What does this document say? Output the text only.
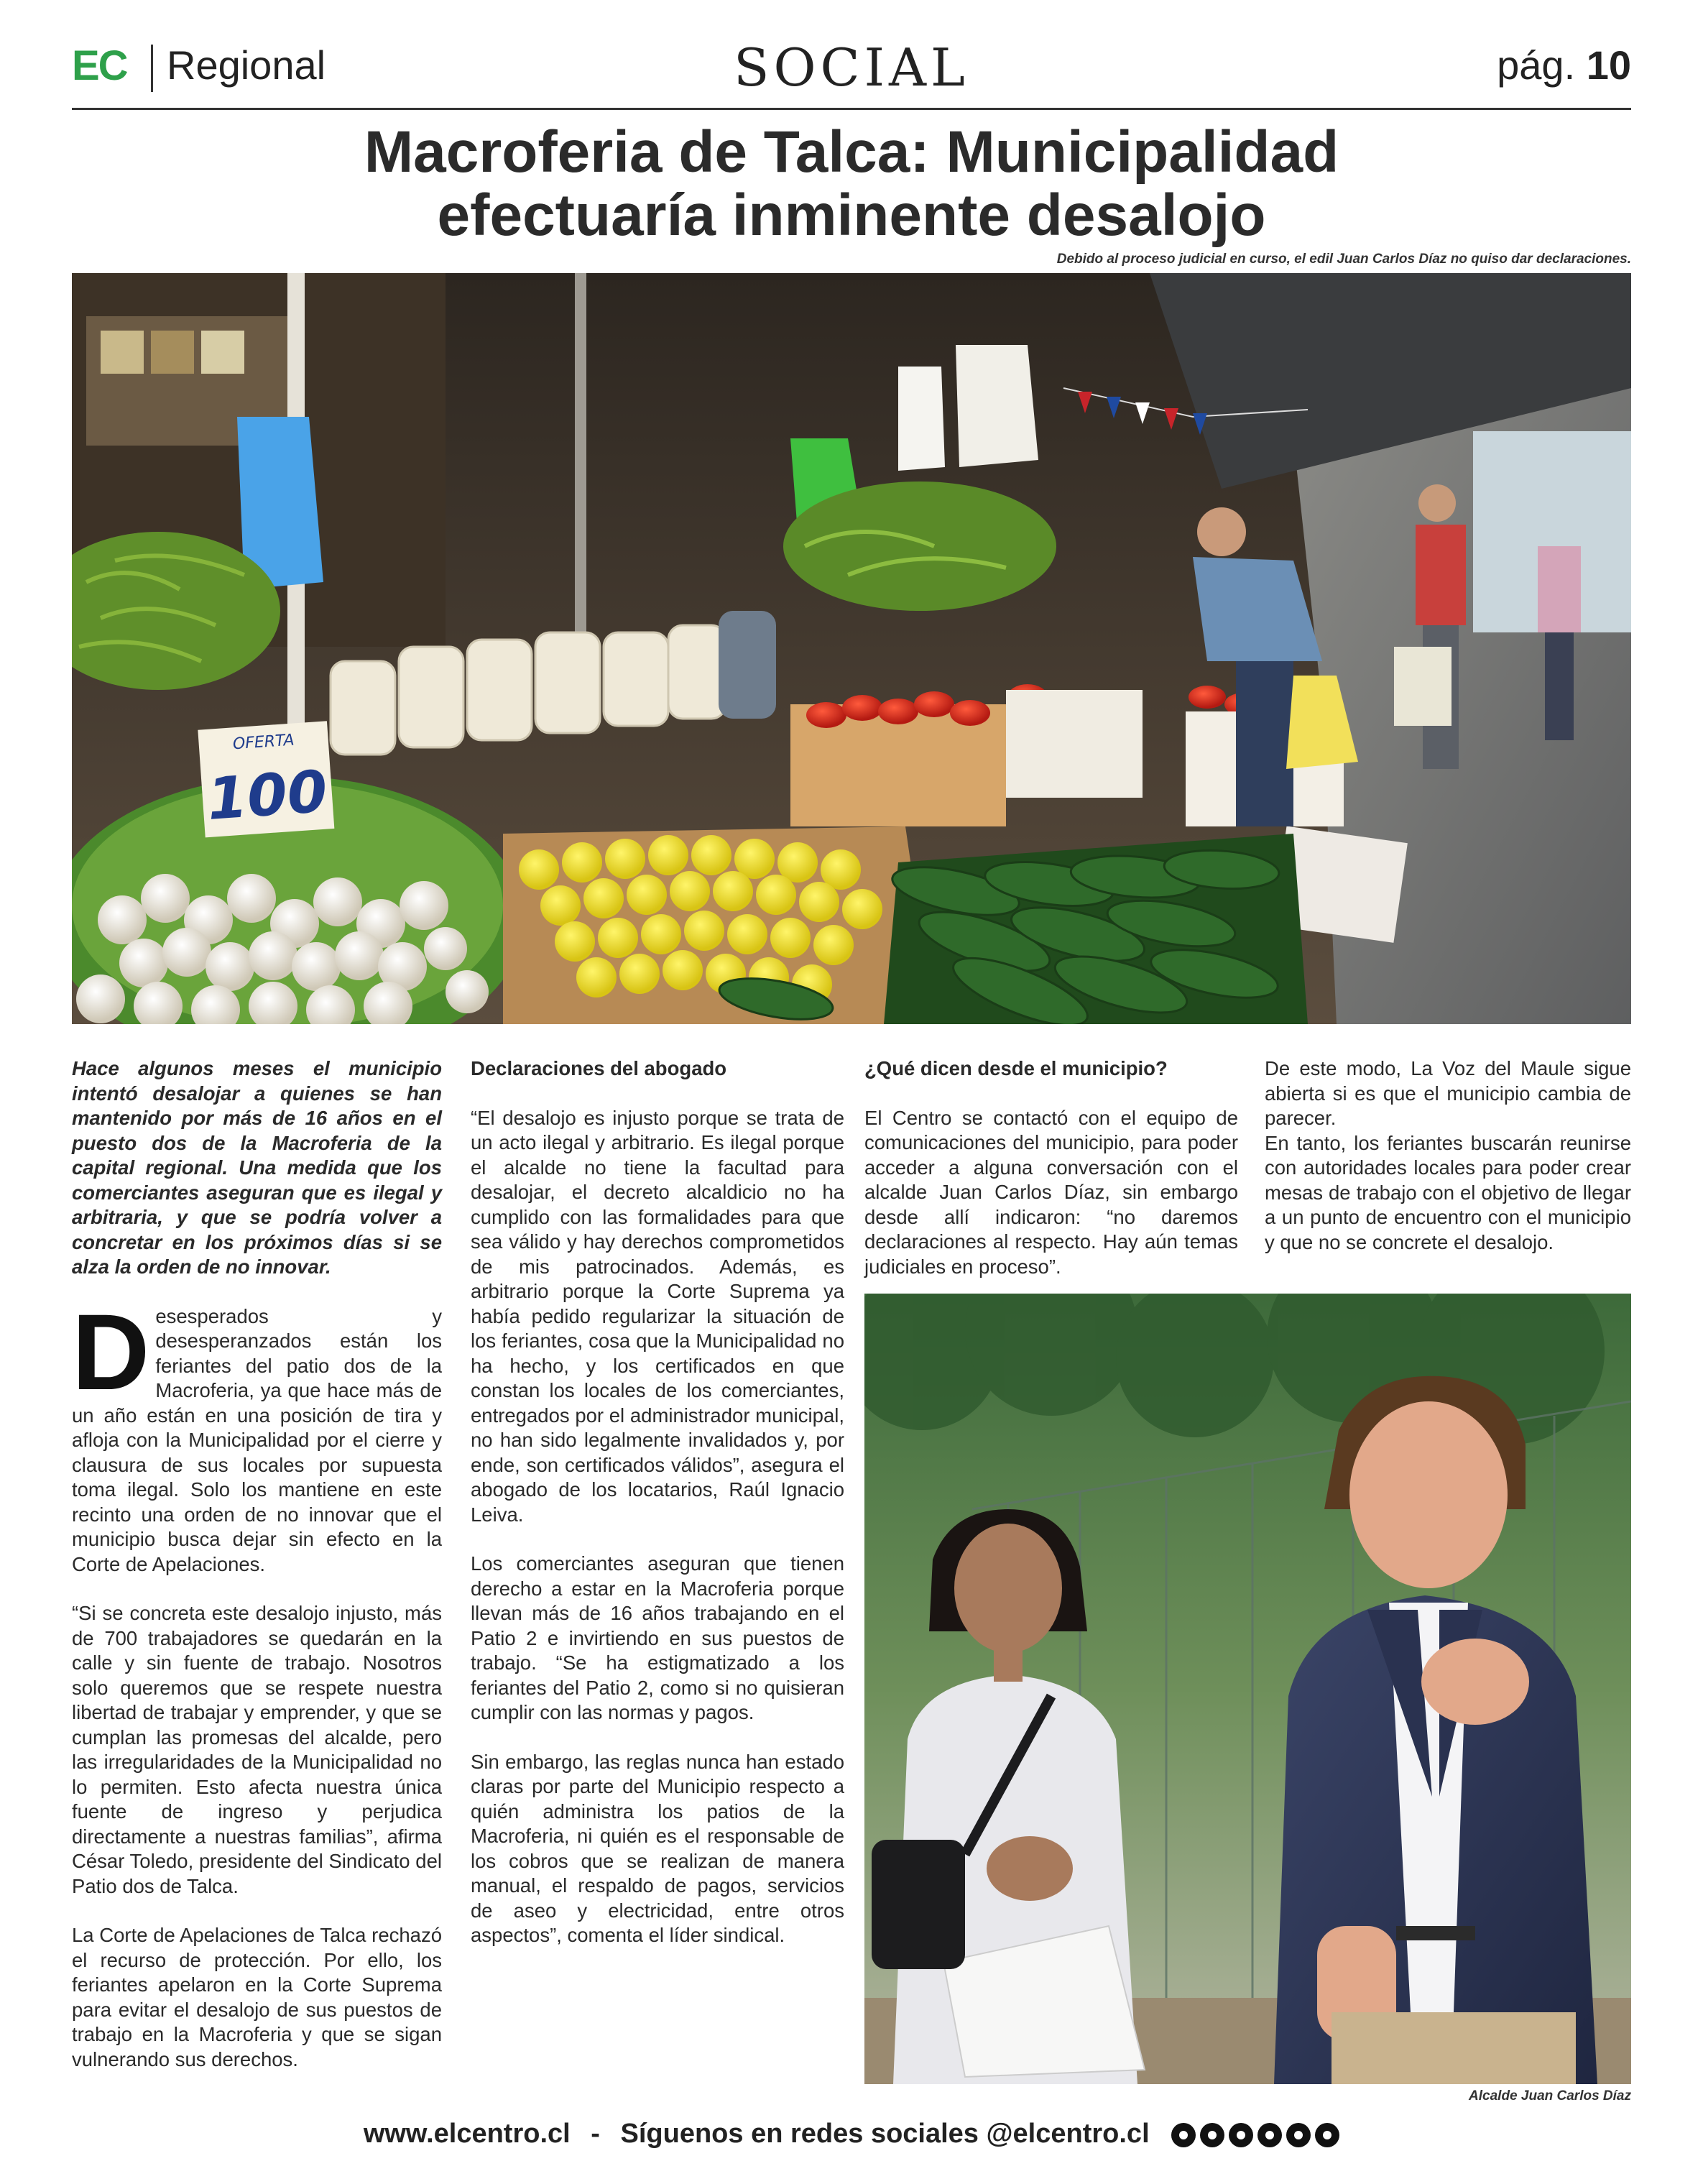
EC Regional	SOCIAL	pág. 10
Macroferia de Talca: Municipalidad
efectuaría inminente desalojo
Debido al proceso judicial en curso, el edil Juan Carlos Díaz no quiso dar declaraciones.
OFERTA
100

Hace algunos meses el municipio intentó desalojar a quienes se han mantenido por más de 16 años en el puesto dos de la Macroferia de la capital regional. Una medida que los comerciantes aseguran que es ilegal y arbitraria, y que se podría volver a concretar en los próximos días si se alza la orden de no innovar.

Desesperados y desesperanzados están los feriantes del patio dos de la Macroferia, ya que hace más de un año están en una posición de tira y afloja con la Municipalidad por el cierre y clausura de sus locales por supuesta toma ilegal. Solo los mantiene en este recinto una orden de no innovar que el municipio busca dejar sin efecto en la Corte de Apelaciones.

“Si se concreta este desalojo injusto, más de 700 trabajadores se quedarán en la calle y sin fuente de trabajo. Nosotros solo queremos que se respete nuestra libertad de trabajar y emprender, y que se cumplan las promesas del alcalde, pero las irregularidades de la Municipalidad no lo permiten. Esto afecta nuestra única fuente de ingreso y perjudica directamente a nuestras familias”, afirma César Toledo, presidente del Sindicato del Patio dos de Talca.

La Corte de Apelaciones de Talca rechazó el recurso de protección. Por ello, los feriantes apelaron en la Corte Suprema para evitar el desalojo de sus puestos de trabajo en la Macroferia y que se sigan vulnerando sus derechos.

Declaraciones del abogado

“El desalojo es injusto porque se trata de un acto ilegal y arbitrario. Es ilegal porque el alcalde no tiene la facultad para desalojar, el decreto alcaldicio no ha cumplido con las formalidades para que sea válido y hay derechos comprometidos de mis patrocinados. Además, es arbitrario porque la Corte Suprema ya había pedido regularizar la situación de los feriantes, cosa que la Municipalidad no ha hecho, y los certificados en que constan los locales de los comerciantes, entregados por el administrador municipal, no han sido legalmente invalidados y, por ende, son certificados válidos”, asegura el abogado de los locatarios, Raúl Ignacio Leiva.

Los comerciantes aseguran que tienen derecho a estar en la Macroferia porque llevan más de 16 años trabajando en el Patio 2 e invirtiendo en sus puestos de trabajo. “Se ha estigmatizado a los feriantes del Patio 2, como si no quisieran cumplir con las normas y pagos.

Sin embargo, las reglas nunca han estado claras por parte del Municipio respecto a quién administra los patios de la Macroferia, ni quién es el responsable de los cobros que se realizan de manera manual, el respaldo de pagos, servicios de aseo y electricidad, entre otros aspectos”, comenta el líder sindical.

¿Qué dicen desde el municipio?

El Centro se contactó con el equipo de comunicaciones del municipio, para poder acceder a alguna conversación con el alcalde Juan Carlos Díaz, sin embargo desde allí indicaron: “no daremos declaraciones al respecto. Hay aún temas judiciales en proceso”.

De este modo, La Voz del Maule sigue abierta si es que el municipio cambia de parecer.

En tanto, los feriantes buscarán reunirse con autoridades locales para poder crear mesas de trabajo con el objetivo de llegar a un punto de encuentro con el municipio y que no se concrete el desalojo.

Alcalde Juan Carlos Díaz
www.elcentro.cl - Síguenos en redes sociales @elcentro.cl
